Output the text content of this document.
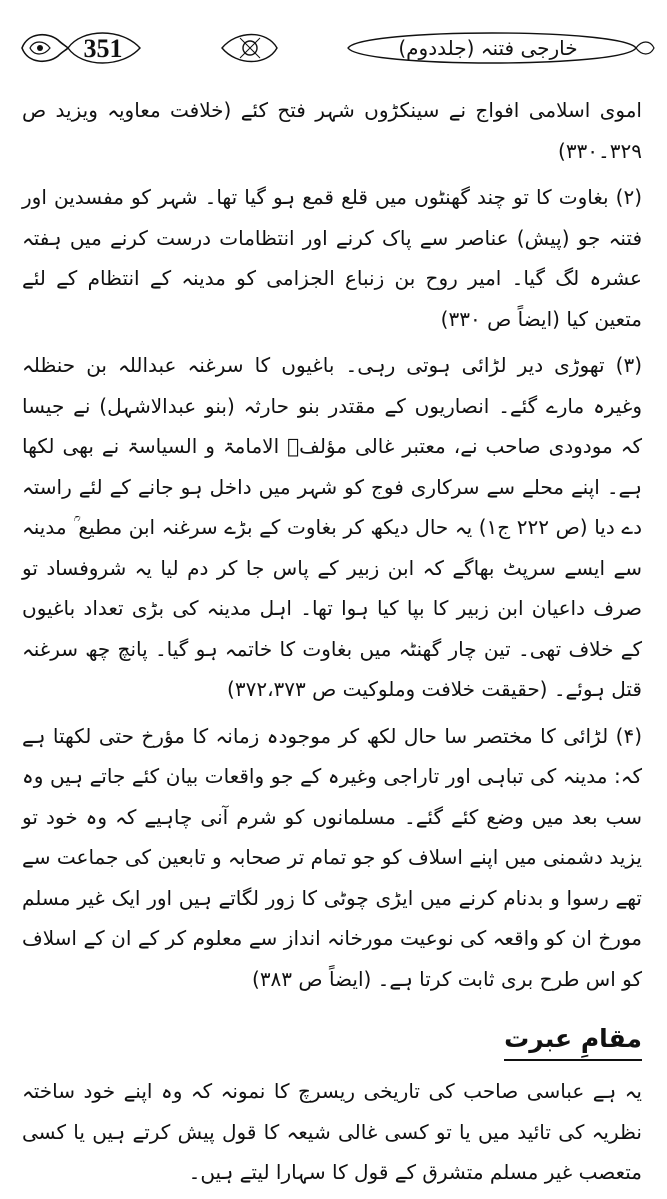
351	خارجی فتنہ (جلددوم)

اموی اسلامی افواج نے سینکڑوں شہر فتح کئے (خلافت معاویہ ویزید ص ۳۲۹۔۳۳۰)

(۲) بغاوت کا تو چند گھنٹوں میں قلع قمع ہو گیا تھا۔ شہر کو مفسدین اور فتنہ جو (پیش) عناصر سے پاک کرنے اور انتظامات درست کرنے میں ہفتہ عشرہ لگ گیا۔ امیر روح بن زنباع الجزامی کو مدینہ کے انتظام کے لئے متعین کیا (ایضاً ص ۳۳۰)

(۳) تھوڑی دیر لڑائی ہوتی رہی۔ باغیوں کا سرغنہ عبداللہ بن حنظلہ وغیرہ مارے گئے۔ انصاریوں کے مقتدر بنو حارثہ (بنو عبدالاشہل) نے جیسا کہ مودودی صاحب نے، معتبر غالی مؤلفؒ الامامۃ و السیاسۃ نے بھی لکھا ہے۔ اپنے محلے سے سرکاری فوج کو شہر میں داخل ہو جانے کے لئے راستہ دے دیا (ص ۲۲۲ ج۱) یہ حال دیکھ کر بغاوت کے بڑے سرغنہ ابن مطیع ؒ مدینہ سے ایسے سرپٹ بھاگے کہ ابن زبیر کے پاس جا کر دم لیا یہ شروفساد تو صرف داعیان ابن زبیر کا بپا کیا ہوا تھا۔ اہل مدینہ کی بڑی تعداد باغیوں کے خلاف تھی۔ تین چار گھنٹہ میں بغاوت کا خاتمہ ہو گیا۔ پانچ چھ سرغنہ قتل ہوئے۔ (حقیقت خلافت وملوکیت ص ۳۷۲،۳۷۳)

(۴) لڑائی کا مختصر سا حال لکھ کر موجودہ زمانہ کا مؤرخ حتی لکھتا ہے کہ: مدینہ کی تباہی اور تاراجی وغیرہ کے جو واقعات بیان کئے جاتے ہیں وہ سب بعد میں وضع کئے گئے۔ مسلمانوں کو شرم آنی چاہیے کہ وہ خود تو یزید دشمنی میں اپنے اسلاف کو جو تمام تر صحابہ و تابعین کی جماعت سے تھے رسوا و بدنام کرنے میں ایڑی چوٹی کا زور لگاتے ہیں اور ایک غیر مسلم مورخ ان کو واقعہ کی نوعیت مورخانہ انداز سے معلوم کر کے ان کے اسلاف کو اس طرح بری ثابت کرتا ہے۔ (ایضاً ص ۳۸۳)

مقامِ عبرت

یہ ہے عباسی صاحب کی تاریخی ریسرچ کا نمونہ کہ وہ اپنے خود ساختہ نظریہ کی تائید میں یا تو کسی غالی شیعہ کا قول پیش کرتے ہیں یا کسی متعصب غیر مسلم متشرق کے قول کا سہارا لیتے ہیں۔
